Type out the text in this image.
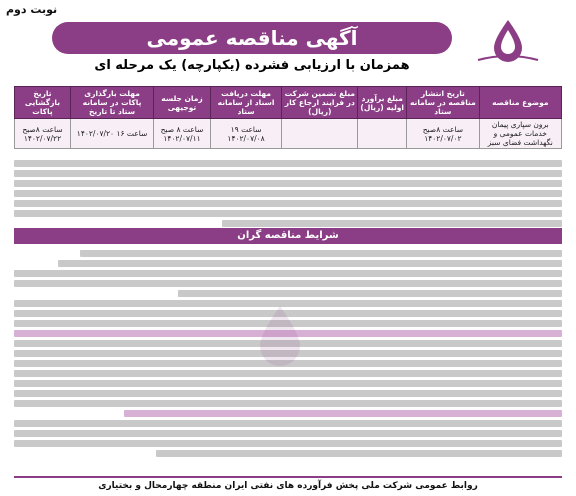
نوبت دوم
آگهی مناقصه عمومی
همزمان با ارزیابی فشرده (یکپارچه) یک مرحله ای
موضوع مناقصه	تاریخ انتشار مناقصه در سامانه ستاد	مبلغ برآورد اولیه (ریال)	مبلغ تضمین شرکت در فرایند ارجاع کار (ریال)	مهلت دریافت اسناد از سامانه ستاد	زمان جلسه توجیهی	مهلت بارگذاری پاکات در سامانه ستاد تا تاریخ	تاریخ بازگشایی پاکات
برون سپاری پیمان خدمات عمومی و نگهداشت فضای سبز	ساعت ۸صبح ۱۴۰۲/۰۷/۰۲			ساعت ۱۹ ۱۴۰۲/۰۷/۰۸	ساعت ۸ صبح ۱۴۰۲/۰۷/۱۱	ساعت ۱۶ ۱۴۰۲/۰۷/۲۰	ساعت ۸صبح ۱۴۰۲/۰۷/۲۲
شرایط مناقصه گران
روابط عمومی شرکت ملی پخش فرآورده های نفتی ایران منطقه چهارمحال و بختیاری
